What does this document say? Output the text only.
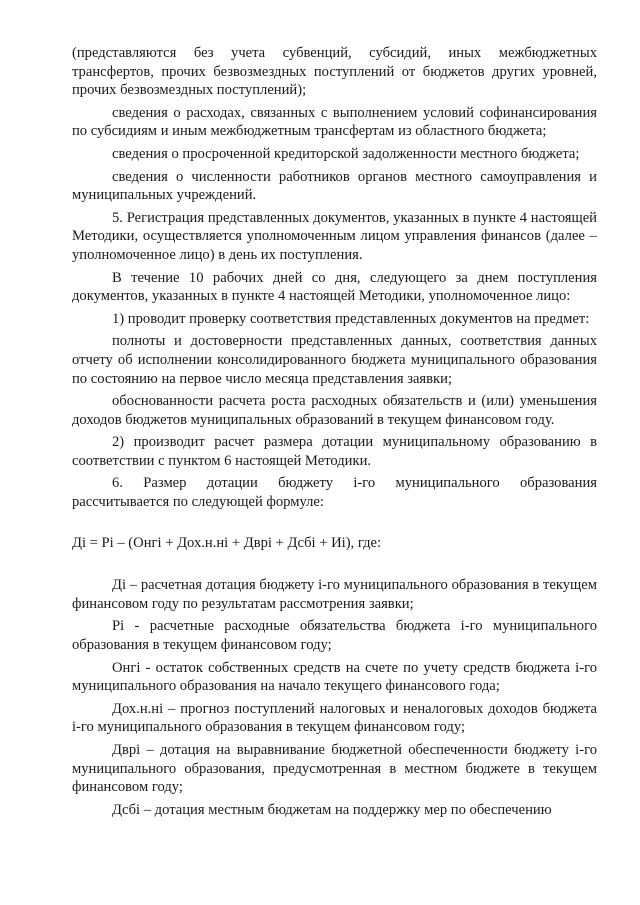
(представляются без учета субвенций, субсидий, иных межбюджетных трансфертов, прочих безвозмездных поступлений от бюджетов других уровней, прочих безвозмездных поступлений);

сведения о расходах, связанных с выполнением условий софинансирования по субсидиям и иным межбюджетным трансфертам из областного бюджета;

сведения о просроченной кредиторской задолженности местного бюджета;

сведения о численности работников органов местного самоуправления и муниципальных учреждений.

5. Регистрация представленных документов, указанных в пункте 4 настоящей Методики, осуществляется уполномоченным лицом управления финансов (далее – уполномоченное лицо) в день их поступления.

В течение 10 рабочих дней со дня, следующего за днем поступления документов, указанных в пункте 4 настоящей Методики, уполномоченное лицо:

1) проводит проверку соответствия представленных документов на предмет:

полноты и достоверности представленных данных, соответствия данных отчету об исполнении консолидированного бюджета муниципального образования по состоянию на первое число месяца представления заявки;

обоснованности расчета роста расходных обязательств и (или) уменьшения доходов бюджетов муниципальных образований в текущем финансовом году.

2) производит расчет размера дотации муниципальному образованию в соответствии с пунктом 6 настоящей Методики.

6. Размер дотации бюджету i-го муниципального образования рассчитывается по следующей формуле:

Дi = Рi – (Онгi + Дох.н.нi + Двpi + Дсбi + Иi), где:

Дi – расчетная дотация бюджету i-го муниципального образования в текущем финансовом году по результатам рассмотрения заявки;

Рi - расчетные расходные обязательства бюджета i-го муниципального образования в текущем финансовом году;

Онгi - остаток собственных средств на счете по учету средств бюджета i-го муниципального образования на начало текущего финансового года;

Дох.н.нi – прогноз поступлений налоговых и неналоговых доходов бюджета i-го муниципального образования в текущем финансовом году;

Двpi – дотация на выравнивание бюджетной обеспеченности бюджету i-го муниципального образования, предусмотренная в местном бюджете в текущем финансовом году;

Дсбi – дотация местным бюджетам на поддержку мер по обеспечению
